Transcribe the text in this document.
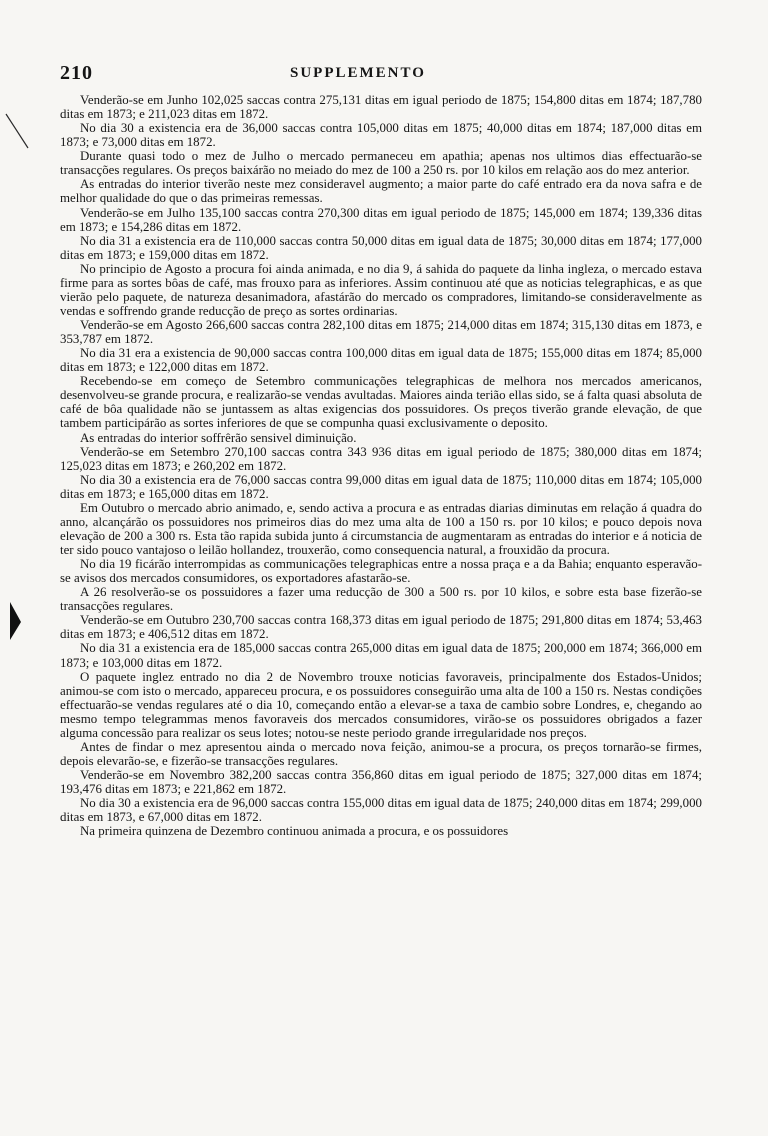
210	SUPPLEMENTO

Venderão-se em Junho 102,025 saccas contra 275,131 ditas em igual periodo de 1875; 154,800 ditas em 1874; 187,780 ditas em 1873; e 211,023 ditas em 1872.

No dia 30 a existencia era de 36,000 saccas contra 105,000 ditas em 1875; 40,000 ditas em 1874; 187,000 ditas em 1873; e 73,000 ditas em 1872.

Durante quasi todo o mez de Julho o mercado permaneceu em apathia; apenas nos ultimos dias effectuarão-se transacções regulares. Os preços baixárão no meiado do mez de 100 a 250 rs. por 10 kilos em relação aos do mez anterior.

As entradas do interior tiverão neste mez consideravel augmento; a maior parte do café entrado era da nova safra e de melhor qualidade do que o das primeiras remessas.

Venderão-se em Julho 135,100 saccas contra 270,300 ditas em igual periodo de 1875; 145,000 em 1874; 139,336 ditas em 1873; e 154,286 ditas em 1872.

No dia 31 a existencia era de 110,000 saccas contra 50,000 ditas em igual data de 1875; 30,000 ditas em 1874; 177,000 ditas em 1873; e 159,000 ditas em 1872.

No principio de Agosto a procura foi ainda animada, e no dia 9, á sahida do paquete da linha ingleza, o mercado estava firme para as sortes bôas de café, mas frouxo para as inferiores. Assim continuou até que as noticias telegraphicas, e as que vierão pelo paquete, de natureza desanimadora, afastárão do mercado os compradores, limitando-se consideravelmente as vendas e soffrendo grande reducção de preço as sortes ordinarias.

Venderão-se em Agosto 266,600 saccas contra 282,100 ditas em 1875; 214,000 ditas em 1874; 315,130 ditas em 1873, e 353,787 em 1872.

No dia 31 era a existencia de 90,000 saccas contra 100,000 ditas em igual data de 1875; 155,000 ditas em 1874; 85,000 ditas em 1873; e 122,000 ditas em 1872.

Recebendo-se em começo de Setembro communicações telegraphicas de melhora nos mercados americanos, desenvolveu-se grande procura, e realizarão-se vendas avultadas. Maiores ainda terião ellas sido, se á falta quasi absoluta de café de bôa qualidade não se juntassem as altas exigencias dos possuidores. Os preços tiverão grande elevação, de que tambem participárão as sortes inferiores de que se compunha quasi exclusivamente o deposito.

As entradas do interior soffrêrão sensivel diminuição.

Venderão-se em Setembro 270,100 saccas contra 343 936 ditas em igual periodo de 1875; 380,000 ditas em 1874; 125,023 ditas em 1873; e 260,202 em 1872.

No dia 30 a existencia era de 76,000 saccas contra 99,000 ditas em igual data de 1875; 110,000 ditas em 1874; 105,000 ditas em 1873; e 165,000 ditas em 1872.

Em Outubro o mercado abrio animado, e, sendo activa a procura e as entradas diarias diminutas em relação á quadra do anno, alcançárão os possuidores nos primeiros dias do mez uma alta de 100 a 150 rs. por 10 kilos; e pouco depois nova elevação de 200 a 300 rs. Esta tão rapida subida junto á circumstancia de augmentaram as entradas do interior e á noticia de ter sido pouco vantajoso o leilão hollandez, trouxerão, como consequencia natural, a frouxidão da procura.

No dia 19 ficárão interrompidas as communicações telegraphicas entre a nossa praça e a da Bahia; enquanto esperavão-se avisos dos mercados consumidores, os exportadores afastarão-se.

A 26 resolverão-se os possuidores a fazer uma reducção de 300 a 500 rs. por 10 kilos, e sobre esta base fizerão-se transacções regulares.

Venderão-se em Outubro 230,700 saccas contra 168,373 ditas em igual periodo de 1875; 291,800 ditas em 1874; 53,463 ditas em 1873; e 406,512 ditas em 1872.

No dia 31 a existencia era de 185,000 saccas contra 265,000 ditas em igual data de 1875; 200,000 em 1874; 366,000 em 1873; e 103,000 ditas em 1872.

O paquete inglez entrado no dia 2 de Novembro trouxe noticias favoraveis, principalmente dos Estados-Unidos; animou-se com isto o mercado, appareceu procura, e os possuidores conseguirão uma alta de 100 a 150 rs. Nestas condições effectuarão-se vendas regulares até o dia 10, começando então a elevar-se a taxa de cambio sobre Londres, e, chegando ao mesmo tempo telegrammas menos favoraveis dos mercados consumidores, virão-se os possuidores obrigados a fazer alguma concessão para realizar os seus lotes; notou-se neste periodo grande irregularidade nos preços.

Antes de findar o mez apresentou ainda o mercado nova feição, animou-se a procura, os preços tornarão-se firmes, depois elevarão-se, e fizerão-se transacções regulares.

Venderão-se em Novembro 382,200 saccas contra 356,860 ditas em igual periodo de 1875; 327,000 ditas em 1874; 193,476 ditas em 1873; e 221,862 em 1872.

No dia 30 a existencia era de 96,000 saccas contra 155,000 ditas em igual data de 1875; 240,000 ditas em 1874; 299,000 ditas em 1873, e 67,000 ditas em 1872.

Na primeira quinzena de Dezembro continuou animada a procura, e os possuidores
